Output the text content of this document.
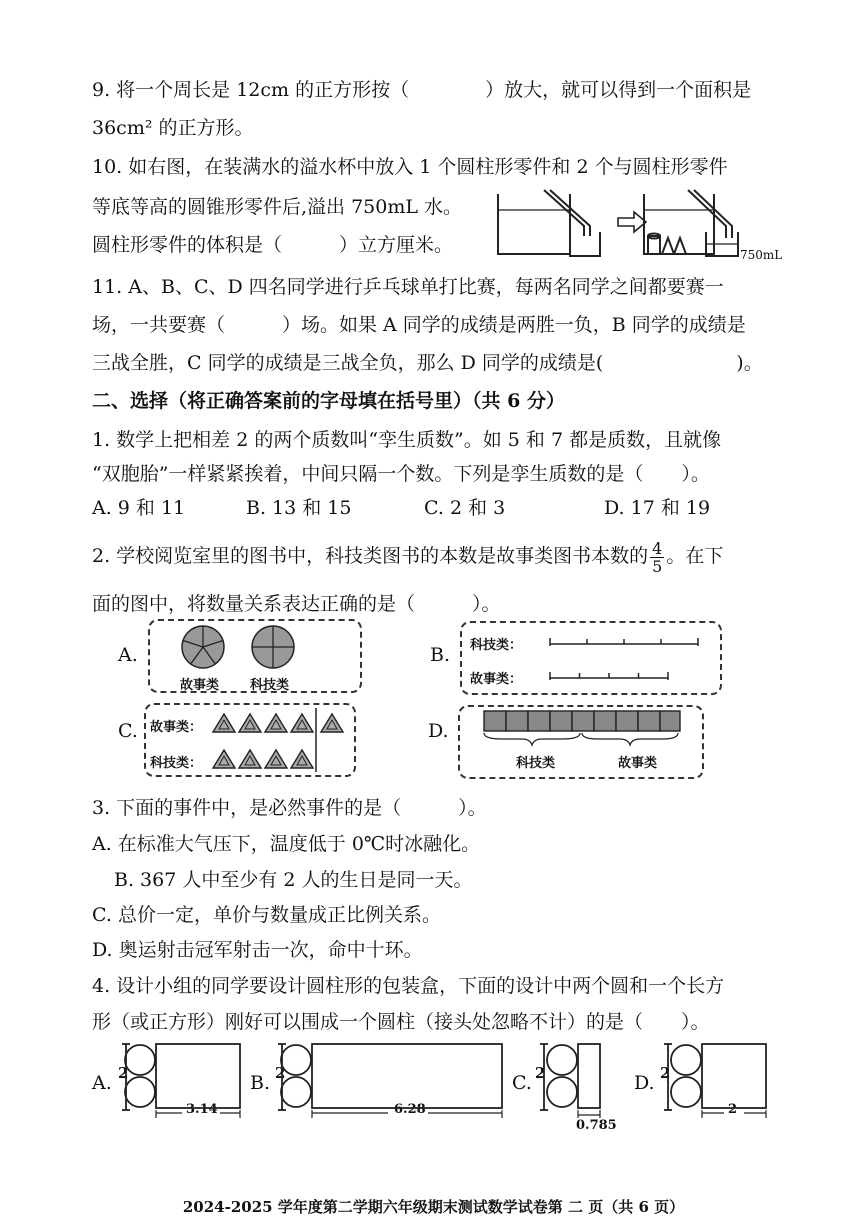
9. 将一个周长是 12cm 的正方形按（　　　　）放大，就可以得到一个面积是
36cm² 的正方形。
10. 如右图，在装满水的溢水杯中放入 1 个圆柱形零件和 2 个与圆柱形零件
等底等高的圆锥形零件后,溢出 750mL 水。
圆柱形零件的体积是（　　　）立方厘米。	750mL
11. A、B、C、D 四名同学进行乒乓球单打比赛，每两名同学之间都要赛一
场，一共要赛（　　　）场。如果 A 同学的成绩是两胜一负，B 同学的成绩是
三战全胜，C 同学的成绩是三战全负，那么 D 同学的成绩是(　　　　　　　)。
二、选择（将正确答案前的字母填在括号里）（共 6 分）
1. 数学上把相差 2 的两个质数叫“孪生质数”。如 5 和 7 都是质数，且就像
“双胞胎”一样紧紧挨着，中间只隔一个数。下列是孪生质数的是（　　）。
A. 9 和 11	B. 13 和 15	C. 2 和 3	D. 17 和 19
2. 学校阅览室里的图书中，科技类图书的本数是故事类图书本数的 $\frac{4}{5}$ 。在下
面的图中，将数量关系表达正确的是（　　　）。
A.
故事类 科技类
B. 科技类：
故事类：
C. 故事类：
科技类：
D.
科技类	故事类
3. 下面的事件中，是必然事件的是（　　　）。
A. 在标准大气压下，温度低于 0℃时冰融化。
B. 367 人中至少有 2 人的生日是同一天。
C. 总价一定，单价与数量成正比例关系。
D. 奥运射击冠军射击一次，命中十环。
4. 设计小组的同学要设计圆柱形的包装盒，下面的设计中两个圆和一个长方
形（或正方形）刚好可以围成一个圆柱（接头处忽略不计）的是（　　）。
A. 2
3.14
B. 2
6.28
C. 2
0.785
D. 2
2
2024-2025 学年度第二学期六年级期末测试数学试卷第 二 页（共 6 页）
